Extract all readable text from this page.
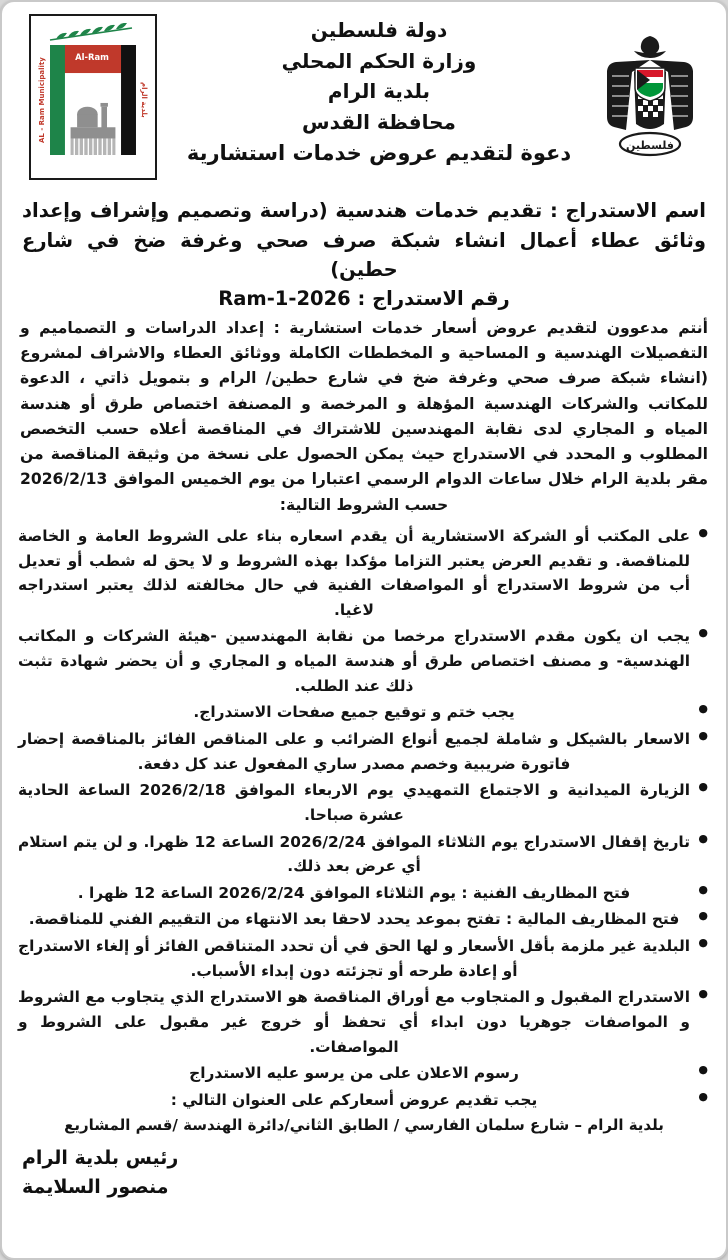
بلدية الرام
AL - Ram Municipality
Al-Ram

دولة فلسطين

وزارة الحكم المحلي

بلدية الرام

محافظة القدس

دعوة لتقديم عروض خدمات استشارية	فلسطين

اسم الاستدراج : تقديم خدمات هندسية (دراسة وتصميم وإشراف وإعداد وثائق عطاء أعمال انشاء شبكة صرف صحي وغرفة ضخ في شارع حطين)

رقم الاستدراج : Ram-1-2026

أنتم مدعوون لتقديم عروض أسعار خدمات استشارية : إعداد الدراسات و التصماميم و التفصيلات الهندسية و المساحية و المخططات الكاملة ووثائق العطاء والاشراف لمشروع (انشاء شبكة صرف صحي وغرفة ضخ في شارع حطين/ الرام و بتمويل ذاتي ، الدعوة للمكاتب والشركات الهندسية المؤهلة و المرخصة و المصنفة اختصاص طرق أو هندسة المياه و المجاري لدى نقابة المهندسين للاشتراك في المناقصة أعلاه حسب التخصص المطلوب و المحدد في الاستدراج حيث يمكن الحصول على نسخة من وثيقة المناقصة من مقر بلدية الرام خلال ساعات الدوام الرسمي اعتبارا من يوم الخميس الموافق 2026/2/13 حسب الشروط التالية:

● على المكتب أو الشركة الاستشارية أن يقدم اسعاره بناء على الشروط العامة و الخاصة للمناقصة. و تقديم العرض يعتبر التزاما مؤكدا بهذه الشروط و لا يحق له شطب أو تعديل أب من شروط الاستدراج أو المواصفات الفنية في حال مخالفته لذلك يعتبر استدراجه لاغيا.
● يجب ان يكون مقدم الاستدراج مرخصا من نقابة المهندسين -هيئة الشركات و المكاتب الهندسية- و مصنف اختصاص طرق أو هندسة المياه و المجاري و أن يحضر شهادة تثبت ذلك عند الطلب.
● يجب ختم و توقيع جميع صفحات الاستدراج.
● الاسعار بالشيكل و شاملة لجميع أنواع الضرائب و على المناقص الفائز بالمناقصة إحضار فاتورة ضريبية وخصم مصدر ساري المفعول عند كل دفعة.
● الزيارة الميدانية و الاجتماع التمهيدي يوم الاربعاء الموافق 2026/2/18 الساعة الحادية عشرة صباحا.
● تاريخ إقفال الاستدراج يوم الثلاثاء الموافق 2026/2/24 الساعة 12 ظهرا. و لن يتم استلام أي عرض بعد ذلك.
● فتح المظاريف الفنية : يوم الثلاثاء الموافق 2026/2/24 الساعة 12 ظهرا .
● فتح المظاريف المالية : تفتح بموعد يحدد لاحقا بعد الانتهاء من التقييم الفني للمناقصة.
● البلدية غير ملزمة بأقل الأسعار و لها الحق في أن تحدد المتناقص الفائز أو إلغاء الاستدراج أو إعادة طرحه أو تجزئته دون إبداء الأسباب.
● الاستدراج المقبول و المتجاوب مع أوراق المناقصة هو الاستدراج الذي يتجاوب مع الشروط و المواصفات جوهريا دون ابداء أي تحفظ أو خروج غير مقبول على الشروط و المواصفات.
● رسوم الاعلان على من يرسو عليه الاستدراج
● يجب تقديم عروض أسعاركم على العنوان التالي :

بلدية الرام – شارع سلمان الفارسي / الطابق الثاني/دائرة الهندسة /قسم المشاريع

رئيس بلدية الرام
منصور السلايمة
